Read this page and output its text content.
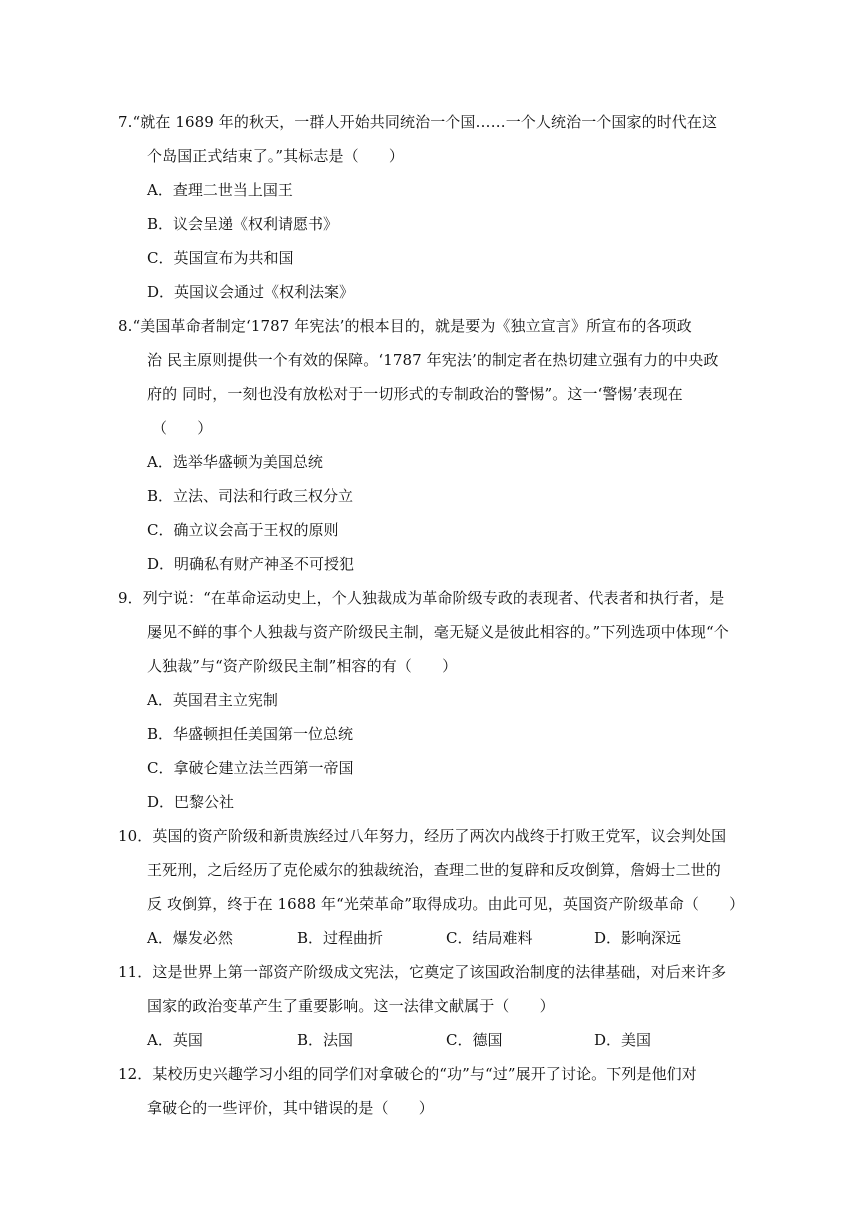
7.“就在 1689 年的秋天，一群人开始共同统治一个国……一个人统治一个国家的时代在这
个岛国正式结束了。”其标志是（　　）
A．查理二世当上国王
B．议会呈递《权利请愿书》
C．英国宣布为共和国
D．英国议会通过《权利法案》
8.“美国革命者制定‘1787 年宪法’的根本目的，就是要为《独立宣言》所宣布的各项政
治 民主原则提供一个有效的保障。‘1787 年宪法’的制定者在热切建立强有力的中央政
府的 同时，一刻也没有放松对于一切形式的专制政治的警惕”。这一‘警惕’表现在
（　　）
A．选举华盛顿为美国总统
B．立法、司法和行政三权分立
C．确立议会高于王权的原则
D．明确私有财产神圣不可授犯
9．列宁说：“在革命运动史上，个人独裁成为革命阶级专政的表现者、代表者和执行者，是
屡见不鲜的事个人独裁与资产阶级民主制，毫无疑义是彼此相容的。”下列选项中体现“个
人独裁”与“资产阶级民主制”相容的有（　　）
A．英国君主立宪制
B．华盛顿担任美国第一位总统
C．拿破仑建立法兰西第一帝国
D．巴黎公社
10．英国的资产阶级和新贵族经过八年努力，经历了两次内战终于打败王党军，议会判处国
王死刑，之后经历了克伦威尔的独裁统治，查理二世的复辟和反攻倒算，詹姆士二世的
反 攻倒算，终于在 1688 年“光荣革命”取得成功。由此可见，英国资产阶级革命（　　）
A．爆发必然	B．过程曲折	C．结局难料	D．影响深远
11．这是世界上第一部资产阶级成文宪法，它奠定了该国政治制度的法律基础，对后来许多
国家的政治变革产生了重要影响。这一法律文献属于（　　）
A．英国	B．法国	C．德国	D．美国
12．某校历史兴趣学习小组的同学们对拿破仑的“功”与“过”展开了讨论。下列是他们对
拿破仑的一些评价，其中错误的是（　　）
